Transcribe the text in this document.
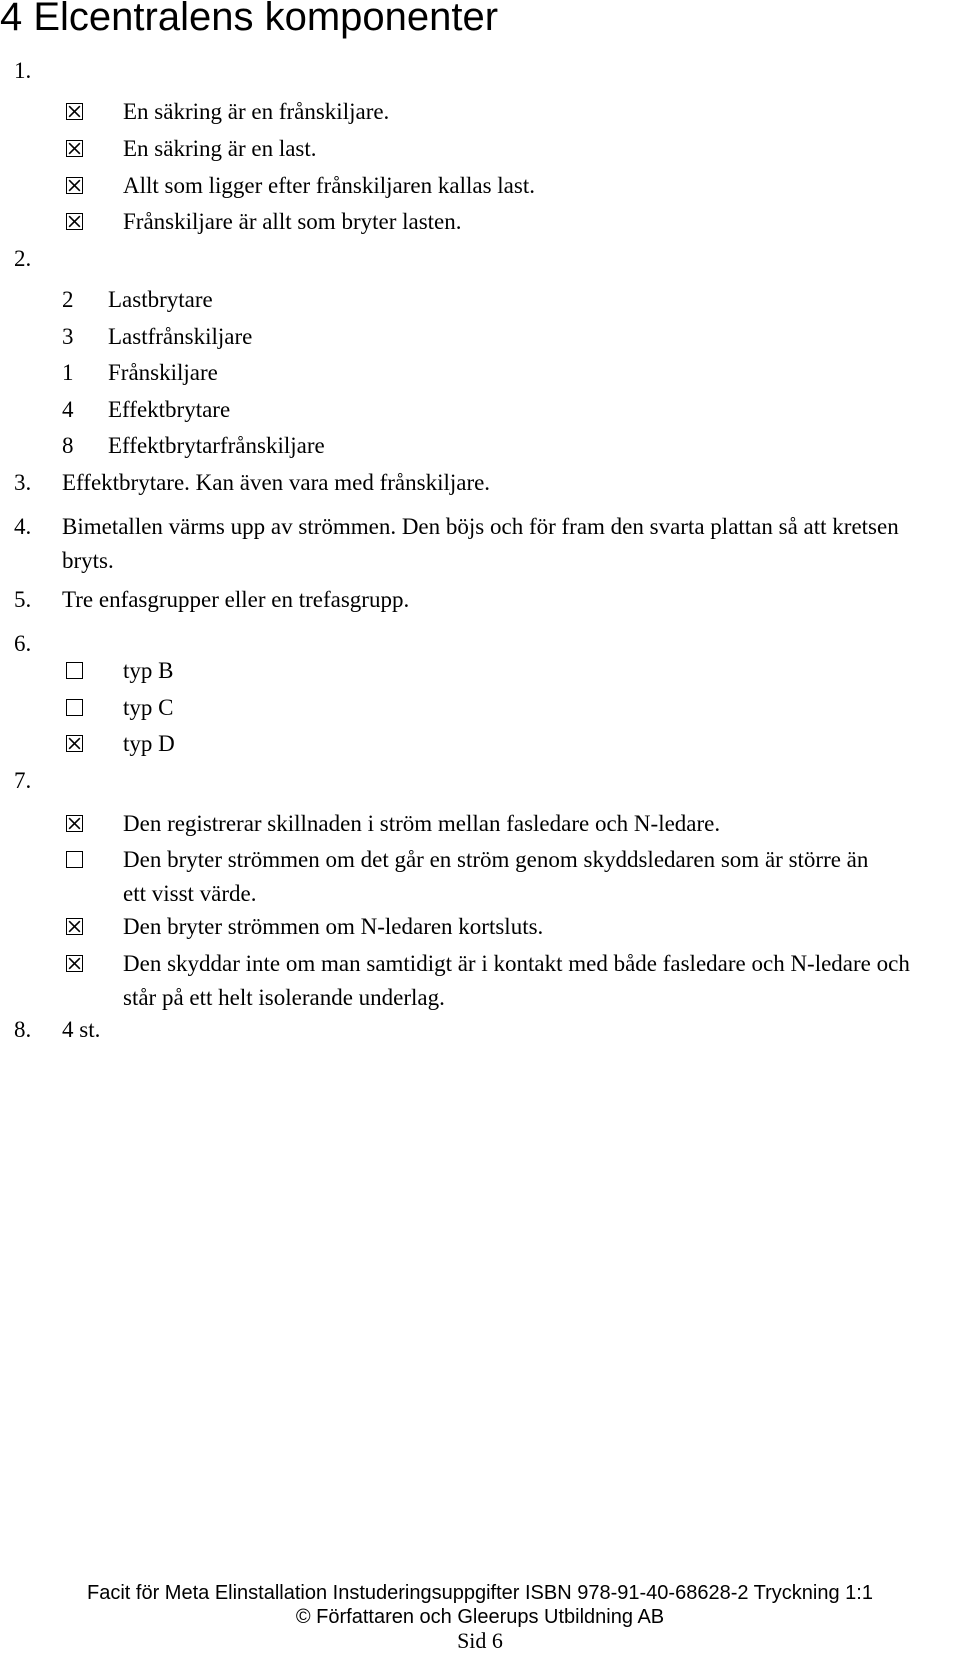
4 Elcentralens komponenter
1.
En säkring är en frånskiljare.
En säkring är en last.
Allt som ligger efter frånskiljaren kallas last.
Frånskiljare är allt som bryter lasten.
2.
2 Lastbrytare
3 Lastfrånskiljare
1 Frånskiljare
4 Effektbrytare
8 Effektbrytarfrånskiljare
3. Effektbrytare. Kan även vara med frånskiljare.
4. Bimetallen värms upp av strömmen. Den böjs och för fram den svarta plattan så att kretsen bryts.
5. Tre enfasgrupper eller en trefasgrupp.
6.
typ B
typ C
typ D
7.
Den registrerar skillnaden i ström mellan fasledare och N-ledare.
Den bryter strömmen om det går en ström genom skyddsledaren som är större än ett visst värde.
Den bryter strömmen om N-ledaren kortsluts.
Den skyddar inte om man samtidigt är i kontakt med både fasledare och N-ledare och står på ett helt isolerande underlag.
8. 4 st.
Facit för Meta Elinstallation Instuderingsuppgifter ISBN 978-91-40-68628-2 Tryckning 1:1
© Författaren och Gleerups Utbildning AB
Sid 6
